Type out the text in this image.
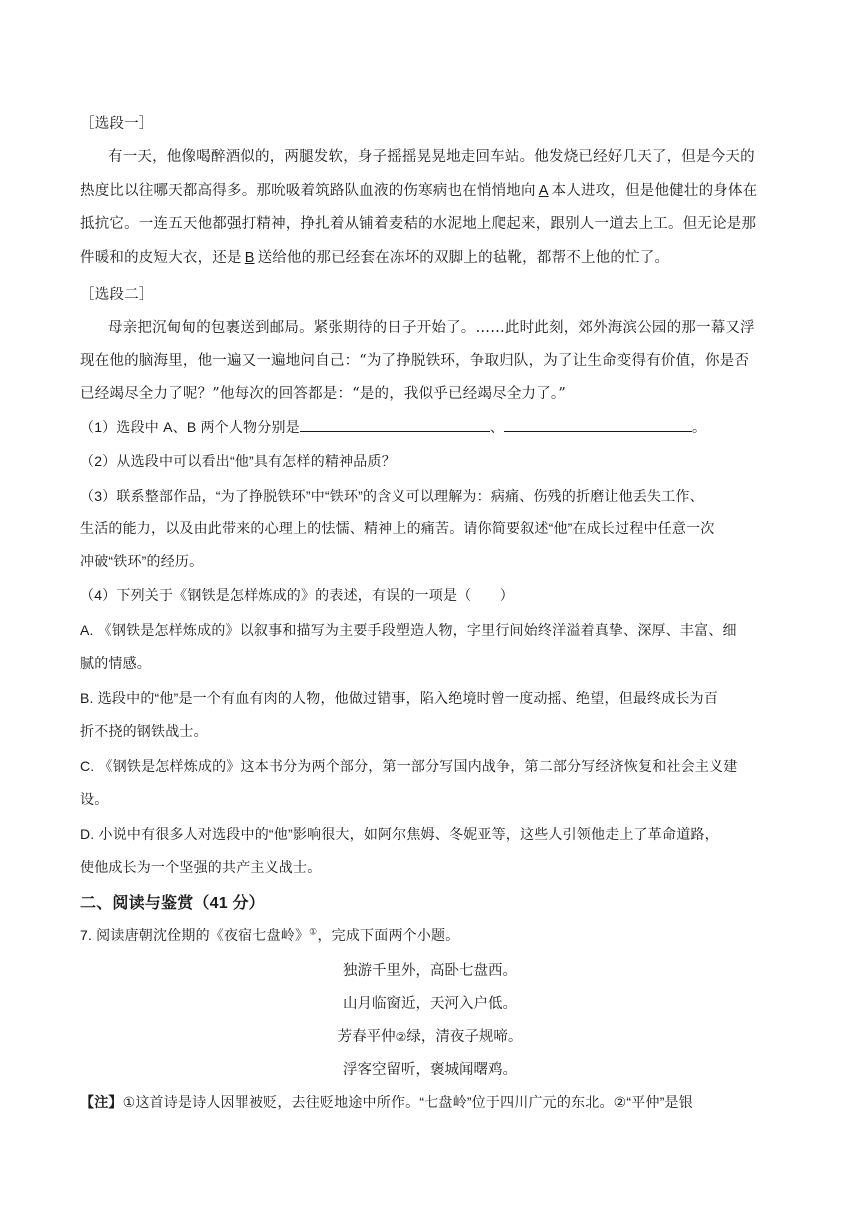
［选段一］
有一天，他像喝醉酒似的，两腿发软，身子摇摇晃晃地走回车站。他发烧已经好几天了，但是今天的
热度比以往哪天都高得多。那吮吸着筑路队血液的伤寒病也在悄悄地向 A 本人进攻，但是他健壮的身体在
抵抗它。一连五天他都强打精神，挣扎着从铺着麦秸的水泥地上爬起来，跟别人一道去上工。但无论是那
件暖和的皮短大衣，还是 B 送给他的那已经套在冻坏的双脚上的毡靴，都帮不上他的忙了。
［选段二］
母亲把沉甸甸的包裹送到邮局。紧张期待的日子开始了。……此时此刻，郊外海滨公园的那一幕又浮
现在他的脑海里，他一遍又一遍地问自己：“为了挣脱铁环，争取归队，为了让生命变得有价值，你是否
已经竭尽全力了呢？”他每次的回答都是：“是的，我似乎已经竭尽全力了。”
（1）选段中 A、B 两个人物分别是	、	。
（2）从选段中可以看出“他”具有怎样的精神品质？
（3）联系整部作品，“为了挣脱铁环”中“铁环”的含义可以理解为：病痛、伤残的折磨让他丢失工作、
生活的能力，以及由此带来的心理上的怯懦、精神上的痛苦。请你简要叙述“他”在成长过程中任意一次
冲破“铁环”的经历。
（4）下列关于《钢铁是怎样炼成的》的表述，有误的一项是（　　）
A. 《钢铁是怎样炼成的》以叙事和描写为主要手段塑造人物，字里行间始终洋溢着真挚、深厚、丰富、细
腻的情感。
B. 选段中的“他”是一个有血有肉的人物，他做过错事，陷入绝境时曾一度动摇、绝望，但最终成长为百
折不挠的钢铁战士。
C. 《钢铁是怎样炼成的》这本书分为两个部分，第一部分写国内战争，第二部分写经济恢复和社会主义建
设。
D. 小说中有很多人对选段中的“他”影响很大，如阿尔焦姆、冬妮亚等，这些人引领他走上了革命道路，
使他成长为一个坚强的共产主义战士。
二、阅读与鉴赏（41 分）
7. 阅读唐朝沈佺期的《夜宿七盘岭》①，完成下面两个小题。
独游千里外，高卧七盘西。
山月临窗近，天河入户低。
芳春平仲②绿，清夜子规啼。
浮客空留听，褒城闻曙鸡。
【注】①这首诗是诗人因罪被贬，去往贬地途中所作。“七盘岭”位于四川广元的东北。②“平仲”是银
